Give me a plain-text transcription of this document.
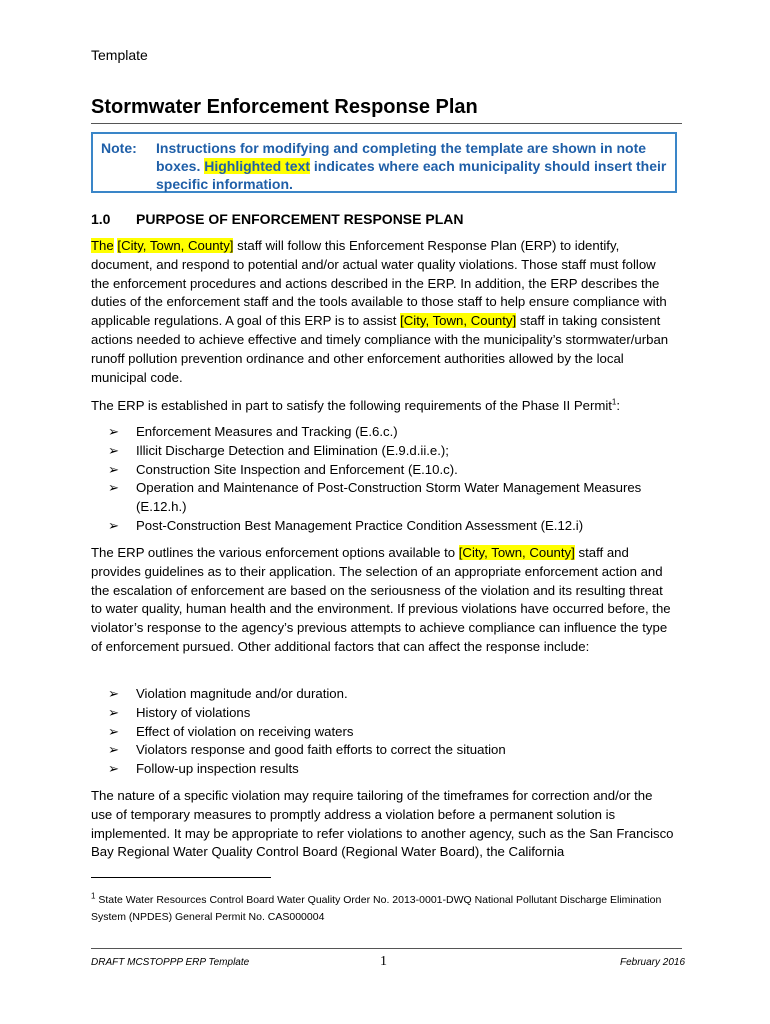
Template
Stormwater Enforcement Response Plan
Note: Instructions for modifying and completing the template are shown in note boxes. Highlighted text indicates where each municipality should insert their specific information.
1.0 PURPOSE OF ENFORCEMENT RESPONSE PLAN

The [City, Town, County] staff will follow this Enforcement Response Plan (ERP) to identify, document, and respond to potential and/or actual water quality violations. Those staff must follow the enforcement procedures and actions described in the ERP. In addition, the ERP describes the duties of the enforcement staff and the tools available to those staff to help ensure compliance with applicable regulations. A goal of this ERP is to assist [City, Town, County] staff in taking consistent actions needed to achieve effective and timely compliance with the municipality’s stormwater/urban runoff pollution prevention ordinance and other enforcement authorities allowed by the local municipal code.

The ERP is established in part to satisfy the following requirements of the Phase II Permit$^1$:

➢ Enforcement Measures and Tracking (E.6.c.)
➢ Illicit Discharge Detection and Elimination (E.9.d.ii.e.);
➢ Construction Site Inspection and Enforcement (E.10.c).
➢ Operation and Maintenance of Post-Construction Storm Water Management Measures (E.12.h.)
➢ Post-Construction Best Management Practice Condition Assessment (E.12.i)

The ERP outlines the various enforcement options available to [City, Town, County] staff and provides guidelines as to their application. The selection of an appropriate enforcement action and the escalation of enforcement are based on the seriousness of the violation and its resulting threat to water quality, human health and the environment. If previous violations have occurred before, the violator’s response to the agency’s previous attempts to achieve compliance can influence the type of enforcement pursued. Other additional factors that can affect the response include:

➢ Violation magnitude and/or duration.
➢ History of violations
➢ Effect of violation on receiving waters
➢ Violators response and good faith efforts to correct the situation
➢ Follow-up inspection results

The nature of a specific violation may require tailoring of the timeframes for correction and/or the use of temporary measures to promptly address a violation before a permanent solution is implemented. It may be appropriate to refer violations to another agency, such as the San Francisco Bay Regional Water Quality Control Board (Regional Water Board), the California

$^1$ State Water Resources Control Board Water Quality Order No. 2013-0001-DWQ National Pollutant Discharge Elimination System (NPDES) General Permit No. CAS000004

DRAFT MCSTOPPP ERP Template	1	February 2016
